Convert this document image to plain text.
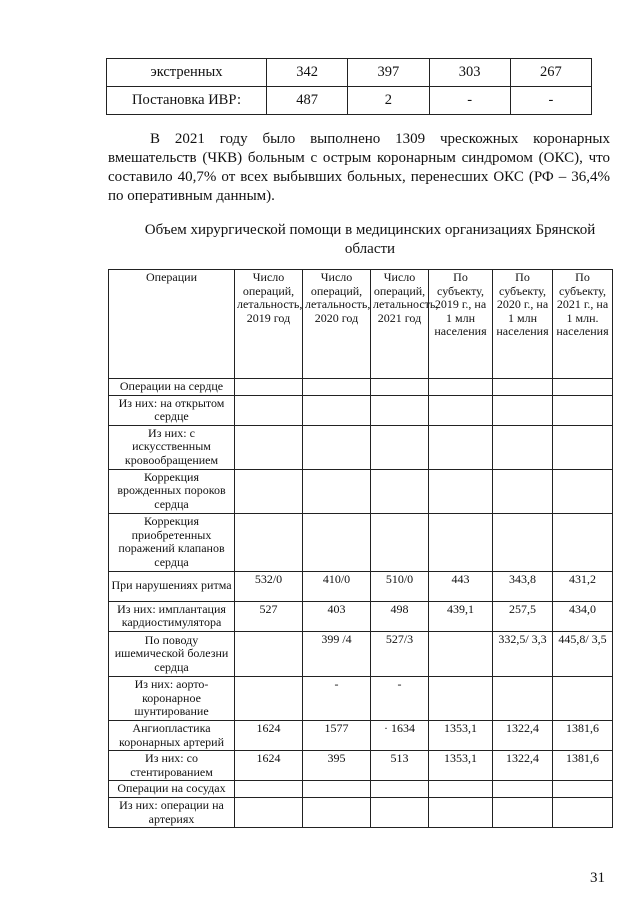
экстренных	342	397	303	267
Постановка ИВР:	487	2	-	-

В 2021 году было выполнено 1309 чрескожных коронарных вмешательств (ЧКВ) больным с острым коронарным синдромом (ОКС), что составило 40,7% от всех выбывших больных, перенесших ОКС (РФ – 36,4% по оперативным данным).

Объем хирургической помощи в медицинских организациях Брянской области
Операции	Число операций, летальность, 2019 год	Число операций, летальность, 2020 год	Число операций, летальность, 2021 год	По субъекту, 2019 г., на 1 млн населения	По субъекту, 2020 г., на 1 млн населения	По субъекту, 2021 г., на 1 млн. населения
Операции на сердце						
Из них: на открытом сердце						
Из них: с искусственным кровообращением						
Коррекция врожденных пороков сердца						
Коррекция приобретенных поражений клапанов сердца						
При нарушениях ритма	532/0	410/0	510/0	443	343,8	431,2
Из них: имплантация кардиостимулятора	527	403	498	439,1	257,5	434,0
По поводу ишемической болезни сердца		399 /4	527/3		332,5/ 3,3	445,8/ 3,5
Из них: аорто-коронарное шунтирование		-	-			
Ангиопластика коронарных артерий	1624	1577	· 1634	1353,1	1322,4	1381,6
Из них: со стентированием	1624	395	513	1353,1	1322,4	1381,6
Операции на сосудах						
Из них: операции на артериях						
31
